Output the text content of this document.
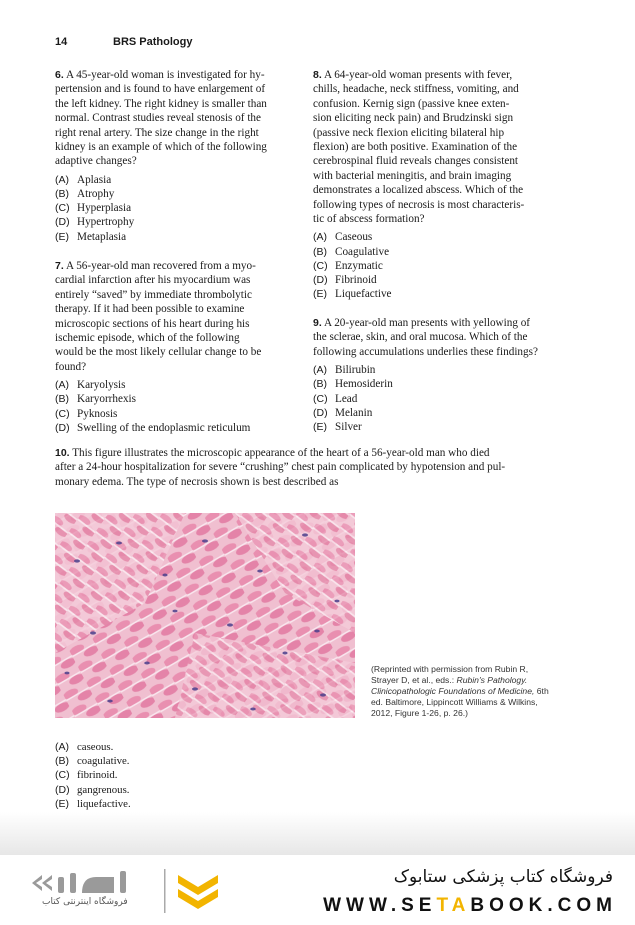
14	BRS Pathology
6. A 45-year-old woman is investigated for hy-
pertension and is found to have enlargement of
the left kidney. The right kidney is smaller than
normal. Contrast studies reveal stenosis of the
right renal artery. The size change in the right
kidney is an example of which of the following
adaptive changes?
(A) Aplasia
(B) Atrophy
(C) Hyperplasia
(D) Hypertrophy
(E) Metaplasia
7. A 56-year-old man recovered from a myo-
cardial infarction after his myocardium was
entirely “saved” by immediate thrombolytic
therapy. If it had been possible to examine
microscopic sections of his heart during his
ischemic episode, which of the following
would be the most likely cellular change to be
found?
(A) Karyolysis
(B) Karyorrhexis
(C) Pyknosis
(D) Swelling of the endoplasmic reticulum
8. A 64-year-old woman presents with fever,
chills, headache, neck stiffness, vomiting, and
confusion. Kernig sign (passive knee exten-
sion eliciting neck pain) and Brudzinski sign
(passive neck flexion eliciting bilateral hip
flexion) are both positive. Examination of the
cerebrospinal fluid reveals changes consistent
with bacterial meningitis, and brain imaging
demonstrates a localized abscess. Which of the
following types of necrosis is most characteris-
tic of abscess formation?
(A) Caseous
(B) Coagulative
(C) Enzymatic
(D) Fibrinoid
(E) Liquefactive
9. A 20-year-old man presents with yellowing of
the sclerae, skin, and oral mucosa. Which of the
following accumulations underlies these findings?
(A) Bilirubin
(B) Hemosiderin
(C) Lead
(D) Melanin
(E) Silver
10. This figure illustrates the microscopic appearance of the heart of a 56-year-old man who died
after a 24-hour hospitalization for severe “crushing” chest pain complicated by hypotension and pul-
monary edema. The type of necrosis shown is best described as
(Reprinted with permission from Rubin R,
Strayer D, et al., eds.: Rubin's Pathology.
Clinicopathologic Foundations of Medicine, 6th
ed. Baltimore, Lippincott Williams & Wilkins,
2012, Figure 1-26, p. 26.)
(A) caseous.
(B) coagulative.
(C) fibrinoid.
(D) gangrenous.
(E) liquefactive.
فروشگاه اینترنتی کتاب
فروشگاه کتاب پزشکی ستابوک
WWW.SETABOOK.COM
